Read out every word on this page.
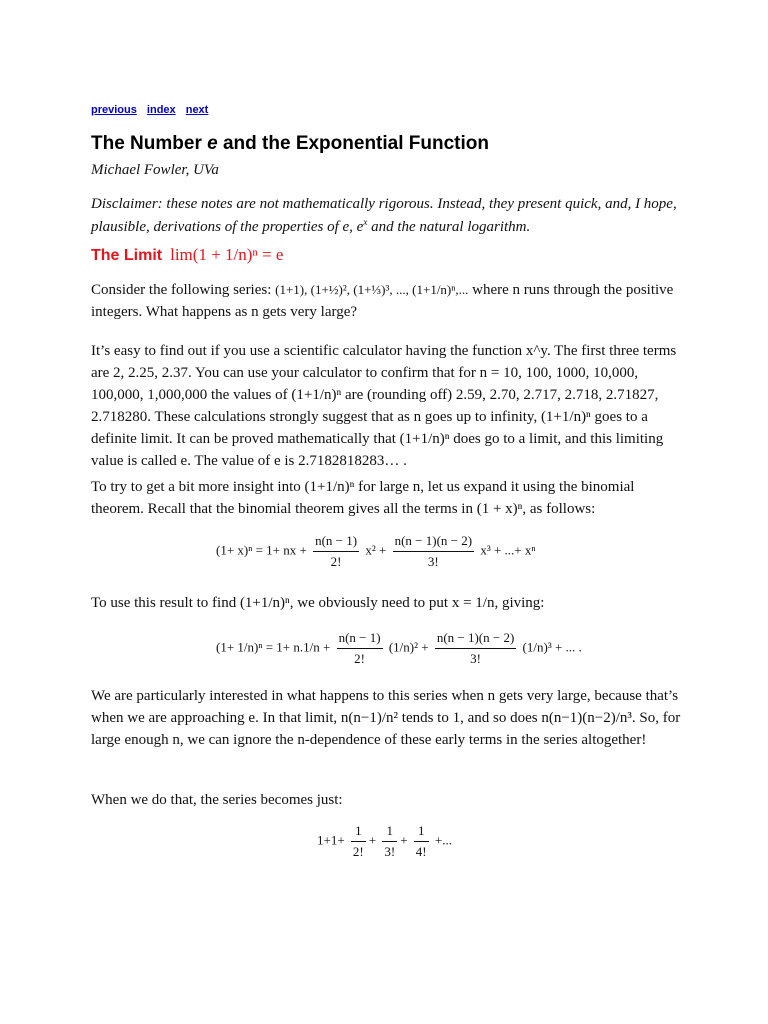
previous index next
The Number e and the Exponential Function
Michael Fowler, UVa
Disclaimer: these notes are not mathematically rigorous. Instead, they present quick, and, I hope, plausible, derivations of the properties of e, $e^x$ and the natural logarithm.
The Limit lim(1 + 1/n)ⁿ = e
Consider the following series: (1+1), (1+½)², (1+⅓)³, ..., (1+1/n)ⁿ,... where n runs through the positive integers. What happens as n gets very large?
It’s easy to find out if you use a scientific calculator having the function x^y. The first three terms are 2, 2.25, 2.37. You can use your calculator to confirm that for n = 10, 100, 1000, 10,000, 100,000, 1,000,000 the values of (1+1/n)ⁿ are (rounding off) 2.59, 2.70, 2.717, 2.718, 2.71827, 2.718280. These calculations strongly suggest that as n goes up to infinity, (1+1/n)ⁿ goes to a definite limit. It can be proved mathematically that (1+1/n)ⁿ does go to a limit, and this limiting value is called e. The value of e is 2.7182818283… .
To try to get a bit more insight into (1+1/n)ⁿ for large n, let us expand it using the binomial theorem. Recall that the binomial theorem gives all the terms in (1 + x)ⁿ, as follows:
(1+ x)ⁿ = 1+ nx + $\frac{n(n - 1)}{2!} x^2 + \frac{n(n - 1)(n - 2)}{3!} x^3$ + ...+ xⁿ
To use this result to find (1+1/n)ⁿ, we obviously need to put x = 1/n, giving:
$(1+ 1/n)^n = 1+ n.1/n + \frac{n(n - 1)}{2!} (1/n)^2 + \frac{n(n - 1)(n - 2)}{3!} (1/n)^3$ + ... .
We are particularly interested in what happens to this series when n gets very large, because that’s when we are approaching e. In that limit, n(n−1)/n² tends to 1, and so does n(n−1)(n−2)/n³. So, for large enough n, we can ignore the n-dependence of these early terms in the series altogether!
When we do that, the series becomes just:
$1+1+ \frac{1}{2!} + \frac{1}{3!} + \frac{1}{4!}$ +...
